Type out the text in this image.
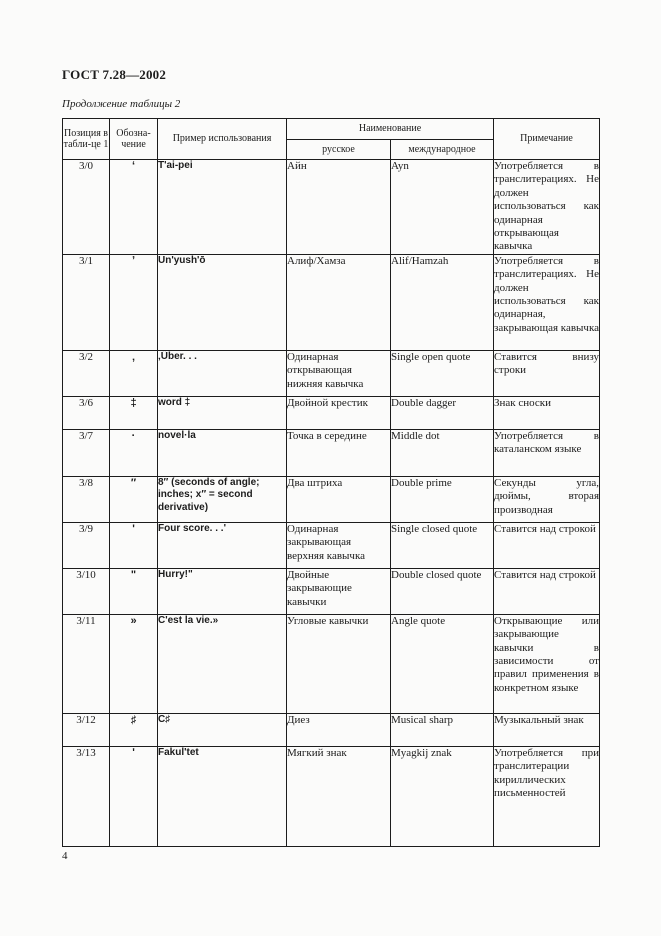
ГОСТ 7.28—2002
Продолжение таблицы 2
Позиция в табли-це 1	Обозна-чение	Пример использования	Наименование		Примечание
			русское	международное	
3/0	ʻ	T'ai-pei	Айн	Ayn	Употребляется в транслитерациях. Не должен использоваться как одинарная открывающая кавычка
3/1	ʼ	Un'yush'ō	Алиф/Хамза	Alif/Hamzah	Употребляется в транслитерациях. Не должен использоваться как одинарная, закрывающая кавычка
3/2	‚	‚Über. . .	Одинарная открывающая нижняя кавычка	Single open quote	Ставится внизу строки
3/6	‡	word ‡	Двойной крестик	Double dagger	Знак сноски
3/7	·	novel·la	Точка в середине	Middle dot	Употребляется в каталанском языке
3/8	″	8″ (seconds of angle; inches; x″ = second derivative)	Два штриха	Double prime	Секунды угла, дюймы, вторая производная
3/9	'	Four score. . .'	Одинарная закрывающая верхняя кавычка	Single closed quote	Ставится над строкой
3/10	"	Hurry!"	Двойные закрывающие кавычки	Double closed quote	Ставится над строкой
3/11	»	C'est la vie.»	Угловые кавычки	Angle quote	Открывающие или закрывающие кавычки в зависимости от правил применения в конкретном языке
3/12	♯	C♯	Диез	Musical sharp	Музыкальный знак
3/13	ʹ	Fakul'tet	Мягкий знак	Myagkij znak	Употребляется при транслитерации кириллических письменностей
4
